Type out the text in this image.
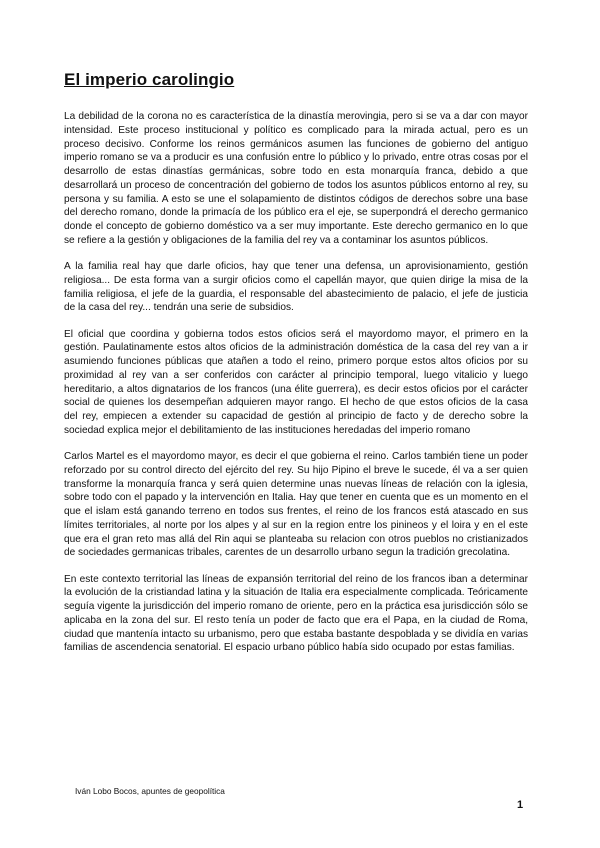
El imperio carolingio

La debilidad de la corona no es característica de la dinastía merovingia, pero si se va a dar con mayor intensidad. Este proceso institucional y político es complicado para la mirada actual, pero es un proceso decisivo. Conforme los reinos germánicos asumen las funciones de gobierno del antiguo imperio romano se va a producir es una confusión entre lo público y lo privado, entre otras cosas por el desarrollo de estas dinastías germánicas, sobre todo en esta monarquía franca, debido a que desarrollará un proceso de concentración del gobierno de todos los asuntos públicos entorno al rey, su persona y su familia. A esto se une el solapamiento de distintos códigos de derechos sobre una base del derecho romano, donde la primacía de los público era el eje, se superpondrá el derecho germanico donde el concepto de gobierno doméstico va a ser muy importante. Este derecho germanico en lo que se refiere a la gestión y obligaciones de la familia del rey va a contaminar los asuntos públicos.

A la familia real hay que darle oficios, hay que tener una defensa, un aprovisionamiento, gestión religiosa... De esta forma van a surgir oficios como el capellán mayor, que quien dirige la misa de la familia religiosa, el jefe de la guardia, el responsable del abastecimiento de palacio, el jefe de justicia de la casa del rey... tendrán una serie de subsidios.

El oficial que coordina y gobierna todos estos oficios será el mayordomo mayor, el primero en la gestión. Paulatinamente estos altos oficios de la administración doméstica de la casa del rey van a ir asumiendo funciones públicas que atañen a todo el reino, primero porque estos altos oficios por su proximidad al rey van a ser conferidos con carácter al principio temporal, luego vitalicio y luego hereditario, a altos dignatarios de los francos (una élite guerrera), es decir estos oficios por el carácter social de quienes los desempeñan adquieren mayor rango. El hecho de que estos oficios de la casa del rey, empiecen a extender su capacidad de gestión al principio de facto y de derecho sobre la sociedad explica mejor el debilitamiento de las instituciones heredadas del imperio romano

Carlos Martel es el mayordomo mayor, es decir el que gobierna el reino. Carlos también tiene un poder reforzado por su control directo del ejército del rey. Su hijo Pipino el breve le sucede, él va a ser quien transforme la monarquía franca y será quien determine unas nuevas líneas de relación con la iglesia, sobre todo con el papado y la intervención en Italia. Hay que tener en cuenta que es un momento en el que el islam está ganando terreno en todos sus frentes, el reino de los francos está atascado en sus límites territoriales, al norte por los alpes y al sur en la region entre los pinineos y el loira y en el este que era el gran reto mas allá del Rin aqui se planteaba su relacion con otros pueblos no cristianizados de sociedades germanicas tribales, carentes de un desarrollo urbano segun la tradición grecolatina.

En este contexto territorial las líneas de expansión territorial del reino de los francos iban a determinar la evolución de la cristiandad latina y la situación de Italia era especialmente complicada. Teóricamente seguía vigente la jurisdicción del imperio romano de oriente, pero en la práctica esa jurisdicción sólo se aplicaba en la zona del sur. El resto tenía un poder de facto que era el Papa, en la ciudad de Roma, ciudad que mantenía intacto su urbanismo, pero que estaba bastante despoblada y se dividía en varias familias de ascendencia senatorial. El espacio urbano público había sido ocupado por estas familias.

Iván Lobo Bocos, apuntes de geopolítica
1
